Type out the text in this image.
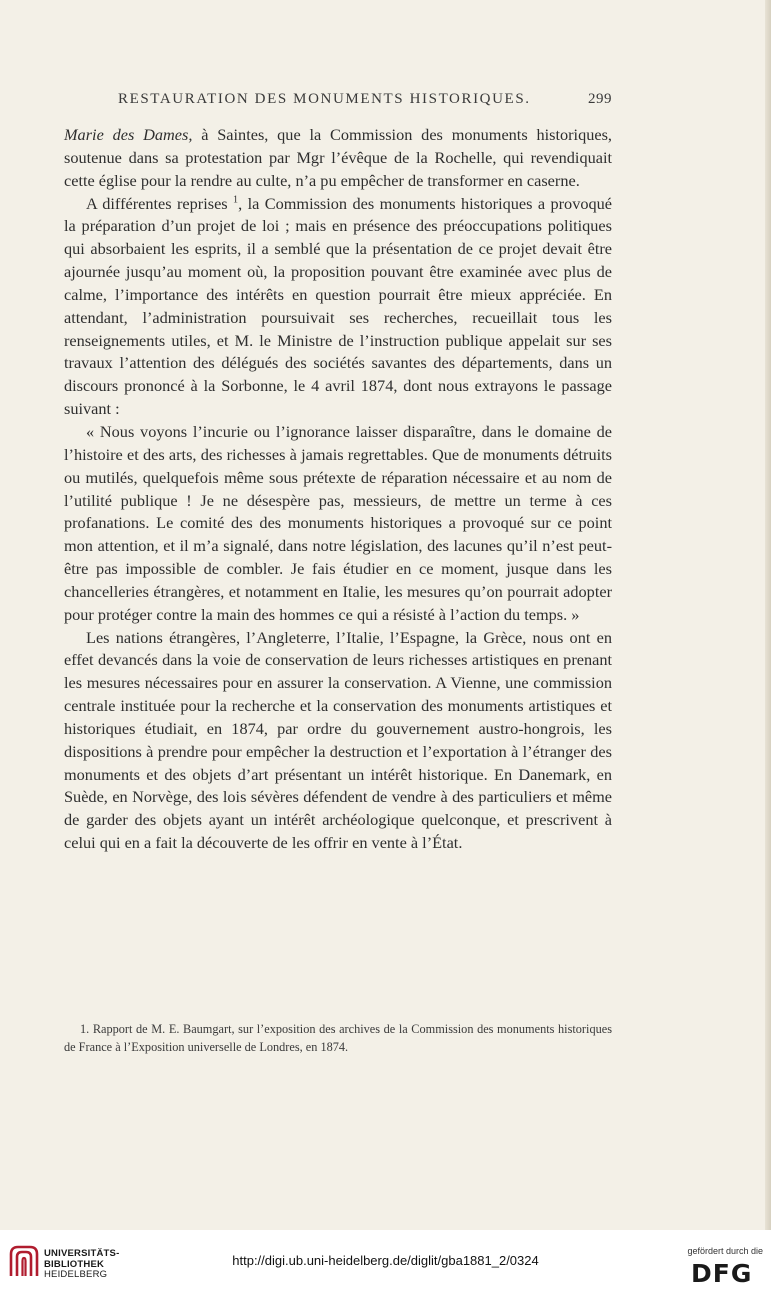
RESTAURATION DES MONUMENTS HISTORIQUES.	299

Marie des Dames, à Saintes, que la Commission des monuments historiques, soutenue dans sa protestation par Mgr l’évêque de la Rochelle, qui revendiquait cette église pour la rendre au culte, n’a pu empêcher de transformer en caserne.

A différentes reprises $^1$, la Commission des monuments historiques a provoqué la préparation d’un projet de loi ; mais en présence des préoccupations politiques qui absorbaient les esprits, il a semblé que la présentation de ce projet devait être ajournée jusqu’au moment où, la proposition pouvant être examinée avec plus de calme, l’importance des intérêts en question pourrait être mieux appréciée. En attendant, l’administration poursuivait ses recherches, recueillait tous les renseignements utiles, et M. le Ministre de l’instruction publique appelait sur ses travaux l’attention des délégués des sociétés savantes des départements, dans un discours prononcé à la Sorbonne, le 4 avril 1874, dont nous extrayons le passage suivant :

« Nous voyons l’incurie ou l’ignorance laisser disparaître, dans le domaine de l’histoire et des arts, des richesses à jamais regrettables. Que de monuments détruits ou mutilés, quelquefois même sous prétexte de réparation nécessaire et au nom de l’utilité publique ! Je ne désespère pas, messieurs, de mettre un terme à ces profanations. Le comité des des monuments historiques a provoqué sur ce point mon attention, et il m’a signalé, dans notre législation, des lacunes qu’il n’est peut-être pas impossible de combler. Je fais étudier en ce moment, jusque dans les chancelleries étrangères, et notamment en Italie, les mesures qu’on pourrait adopter pour protéger contre la main des hommes ce qui a résisté à l’action du temps. »

Les nations étrangères, l’Angleterre, l’Italie, l’Espagne, la Grèce, nous ont en effet devancés dans la voie de conservation de leurs richesses artistiques en prenant les mesures nécessaires pour en assurer la conservation. A Vienne, une commission centrale instituée pour la recherche et la conservation des monuments artistiques et historiques étudiait, en 1874, par ordre du gouvernement austro-hongrois, les dispositions à prendre pour empêcher la destruction et l’exportation à l’étranger des monuments et des objets d’art présentant un intérêt historique. En Danemark, en Suède, en Norvège, des lois sévères défendent de vendre à des particuliers et même de garder des objets ayant un intérêt archéologique quelconque, et prescrivent à celui qui en a fait la découverte de les offrir en vente à l’État.

1. Rapport de M. E. Baumgart, sur l’exposition des archives de la Commission des monuments historiques de France à l’Exposition universelle de Londres, en 1874.
UNIVERSITÄTS-
BIBLIOTHEK
HEIDELBERG
http://digi.ub.uni-heidelberg.de/diglit/gba1881_2/0324
gefördert durch die
DFG
